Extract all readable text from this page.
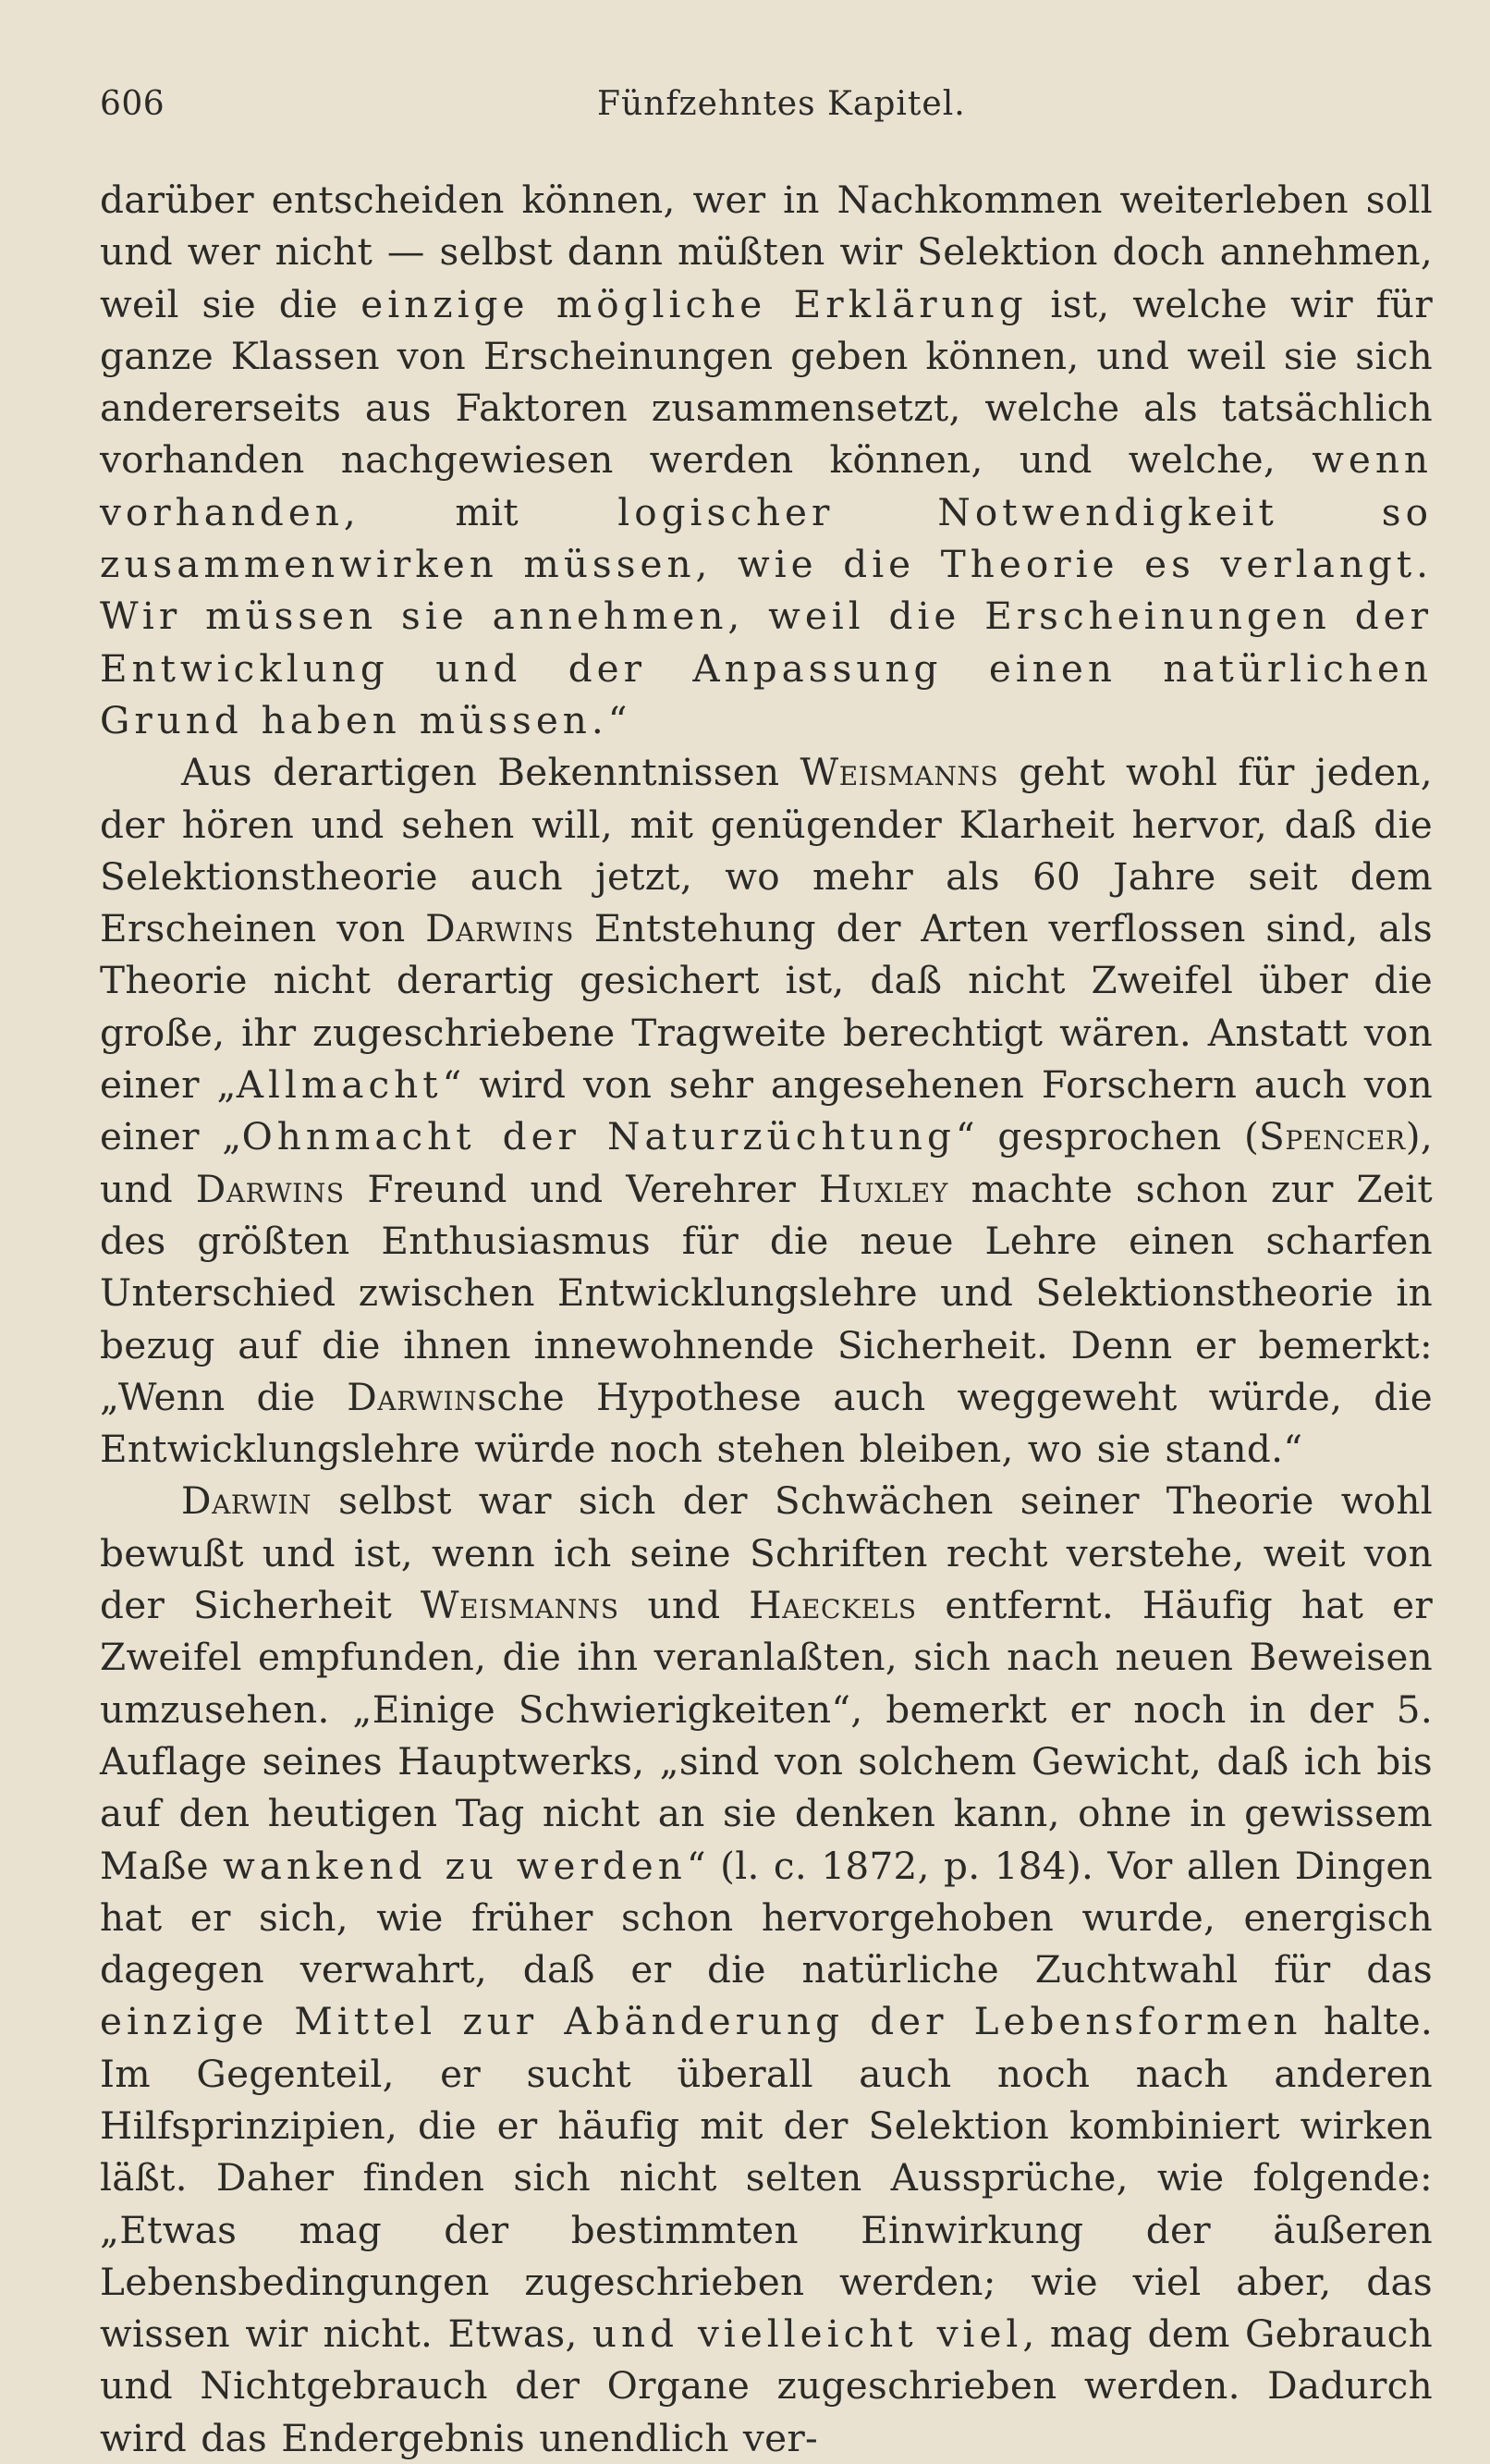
606	Fünfzehntes Kapitel.

darüber entscheiden können, wer in Nachkommen weiterleben soll und wer nicht — selbst dann müßten wir Selektion doch annehmen, weil sie die einzige mögliche Erklärung ist, welche wir für ganze Klassen von Erscheinungen geben können, und weil sie sich andererseits aus Faktoren zusammensetzt, welche als tatsächlich vorhanden nachgewiesen werden können, und welche, wenn vorhanden, mit logischer Notwendigkeit so zusammenwirken müssen, wie die Theorie es verlangt. Wir müssen sie annehmen, weil die Erscheinungen der Entwicklung und der Anpassung einen natürlichen Grund haben müssen.“

Aus derartigen Bekenntnissen Weismanns geht wohl für jeden, der hören und sehen will, mit genügender Klarheit hervor, daß die Selektionstheorie auch jetzt, wo mehr als 60 Jahre seit dem Erscheinen von Darwins Entstehung der Arten verflossen sind, als Theorie nicht derartig gesichert ist, daß nicht Zweifel über die große, ihr zugeschriebene Tragweite berechtigt wären. Anstatt von einer „Allmacht“ wird von sehr angesehenen Forschern auch von einer „Ohnmacht der Naturzüchtung“ gesprochen (Spencer), und Darwins Freund und Verehrer Huxley machte schon zur Zeit des größten Enthusiasmus für die neue Lehre einen scharfen Unterschied zwischen Entwicklungslehre und Selektionstheorie in bezug auf die ihnen innewohnende Sicherheit. Denn er bemerkt: „Wenn die Darwinsche Hypothese auch weggeweht würde, die Entwicklungslehre würde noch stehen bleiben, wo sie stand.“

Darwin selbst war sich der Schwächen seiner Theorie wohl bewußt und ist, wenn ich seine Schriften recht verstehe, weit von der Sicherheit Weismanns und Haeckels entfernt. Häufig hat er Zweifel empfunden, die ihn veranlaßten, sich nach neuen Beweisen umzusehen. „Einige Schwierigkeiten“, bemerkt er noch in der 5. Auflage seines Hauptwerks, „sind von solchem Gewicht, daß ich bis auf den heutigen Tag nicht an sie denken kann, ohne in gewissem Maße wankend zu werden“ (l. c. 1872, p. 184). Vor allen Dingen hat er sich, wie früher schon hervorgehoben wurde, energisch dagegen verwahrt, daß er die natürliche Zuchtwahl für das einzige Mittel zur Abänderung der Lebensformen halte. Im Gegenteil, er sucht überall auch noch nach anderen Hilfsprinzipien, die er häufig mit der Selektion kombiniert wirken läßt. Daher finden sich nicht selten Aussprüche, wie folgende: „Etwas mag der bestimmten Einwirkung der äußeren Lebensbedingungen zugeschrieben werden; wie viel aber, das wissen wir nicht. Etwas, und vielleicht viel, mag dem Gebrauch und Nichtgebrauch der Organe zugeschrieben werden. Dadurch wird das Endergebnis unendlich ver-
